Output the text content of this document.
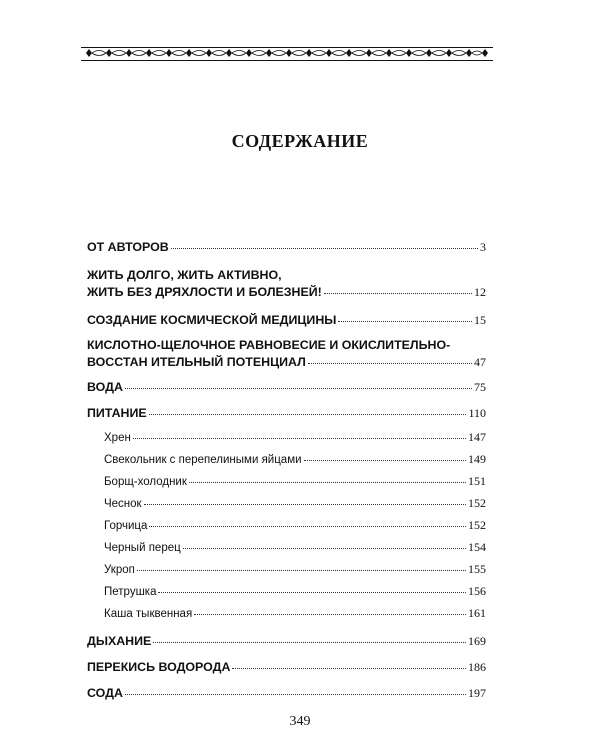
СОДЕРЖАНИЕ
ОТ АВТОРОВ	3
ЖИТЬ ДОЛГО, ЖИТЬ АКТИВНО,
ЖИТЬ БЕЗ ДРЯХЛОСТИ И БОЛЕЗНЕЙ!	12
СОЗДАНИЕ КОСМИЧЕСКОЙ МЕДИЦИНЫ	15
КИСЛОТНО-ЩЕЛОЧНОЕ РАВНОВЕСИЕ И ОКИСЛИТЕЛЬНО-
ВОССТАН ИТЕЛЬНЫЙ ПОТЕНЦИАЛ	47
ВОДА	75
ПИТАНИЕ	110
Хрен	147
Свекольник с перепелиными яйцами	149
Борщ-холодник	151
Чеснок	152
Горчица	152
Черный перец	154
Укроп	155
Петрушка	156
Каша тыквенная	161
ДЫХАНИЕ	169
ПЕРЕКИСЬ ВОДОРОДА	186
СОДА	197
349
